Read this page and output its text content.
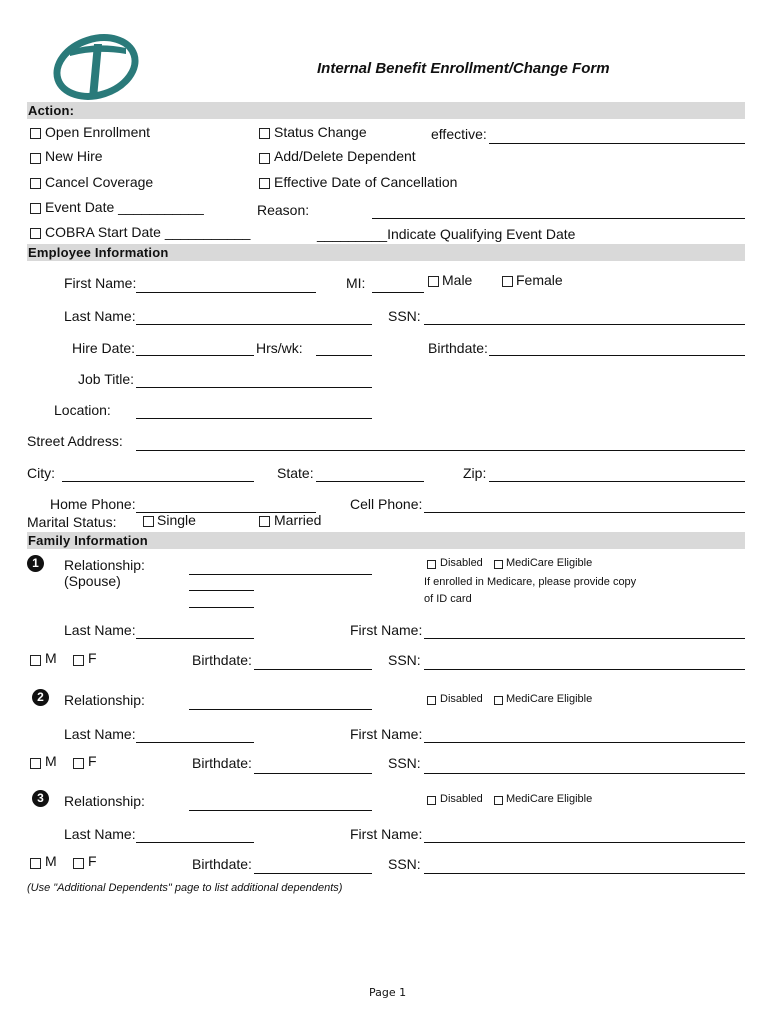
Internal Benefit Enrollment/Change Form
Action:
Open Enrollment	Status Change	effective:
New Hire	Add/Delete Dependent
Cancel Coverage	Effective Date of Cancellation
Event Date ___________	Reason:
COBRA Start Date ___________	_________Indicate Qualifying Event Date
Employee Information
First Name:	MI:	Male	Female
Last Name:	SSN:
Hire Date:	Hrs/wk:	Birthdate:
Job Title:
Location:
Street Address:
City:	State:	Zip:
Home Phone:	Cell Phone:
Marital Status:	Single	Married
Family Information
1	Relationship:
(Spouse)
Disabled MediCare Eligible
If enrolled in Medicare, please provide copy
of ID card
Last Name:	First Name:
M F	Birthdate:	SSN:
2	Relationship:	Disabled MediCare Eligible
Last Name:	First Name:
M F	Birthdate:	SSN:
3	Relationship:	Disabled MediCare Eligible
Last Name:	First Name:
M F	Birthdate:	SSN:
(Use "Additional Dependents" page to list additional dependents)
Page 1
